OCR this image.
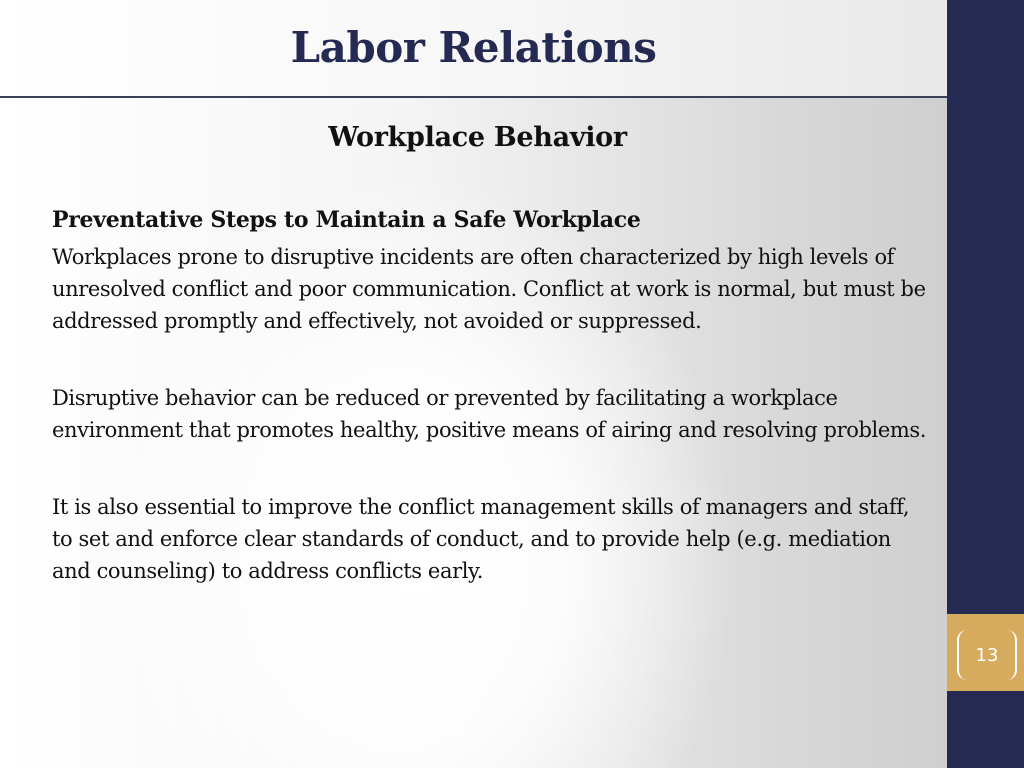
Labor Relations
13
Workplace Behavior
Preventative Steps to Maintain a Safe Workplace

Workplaces prone to disruptive incidents are often characterized by high levels of unresolved conflict and poor communication. Conflict at work is normal, but must be addressed promptly and effectively, not avoided or suppressed.

Disruptive behavior can be reduced or prevented by facilitating a workplace environment that promotes healthy, positive means of airing and resolving problems.

It is also essential to improve the conflict management skills of managers and staff, to set and enforce clear standards of conduct, and to provide help (e.g. mediation and counseling) to address conflicts early.
